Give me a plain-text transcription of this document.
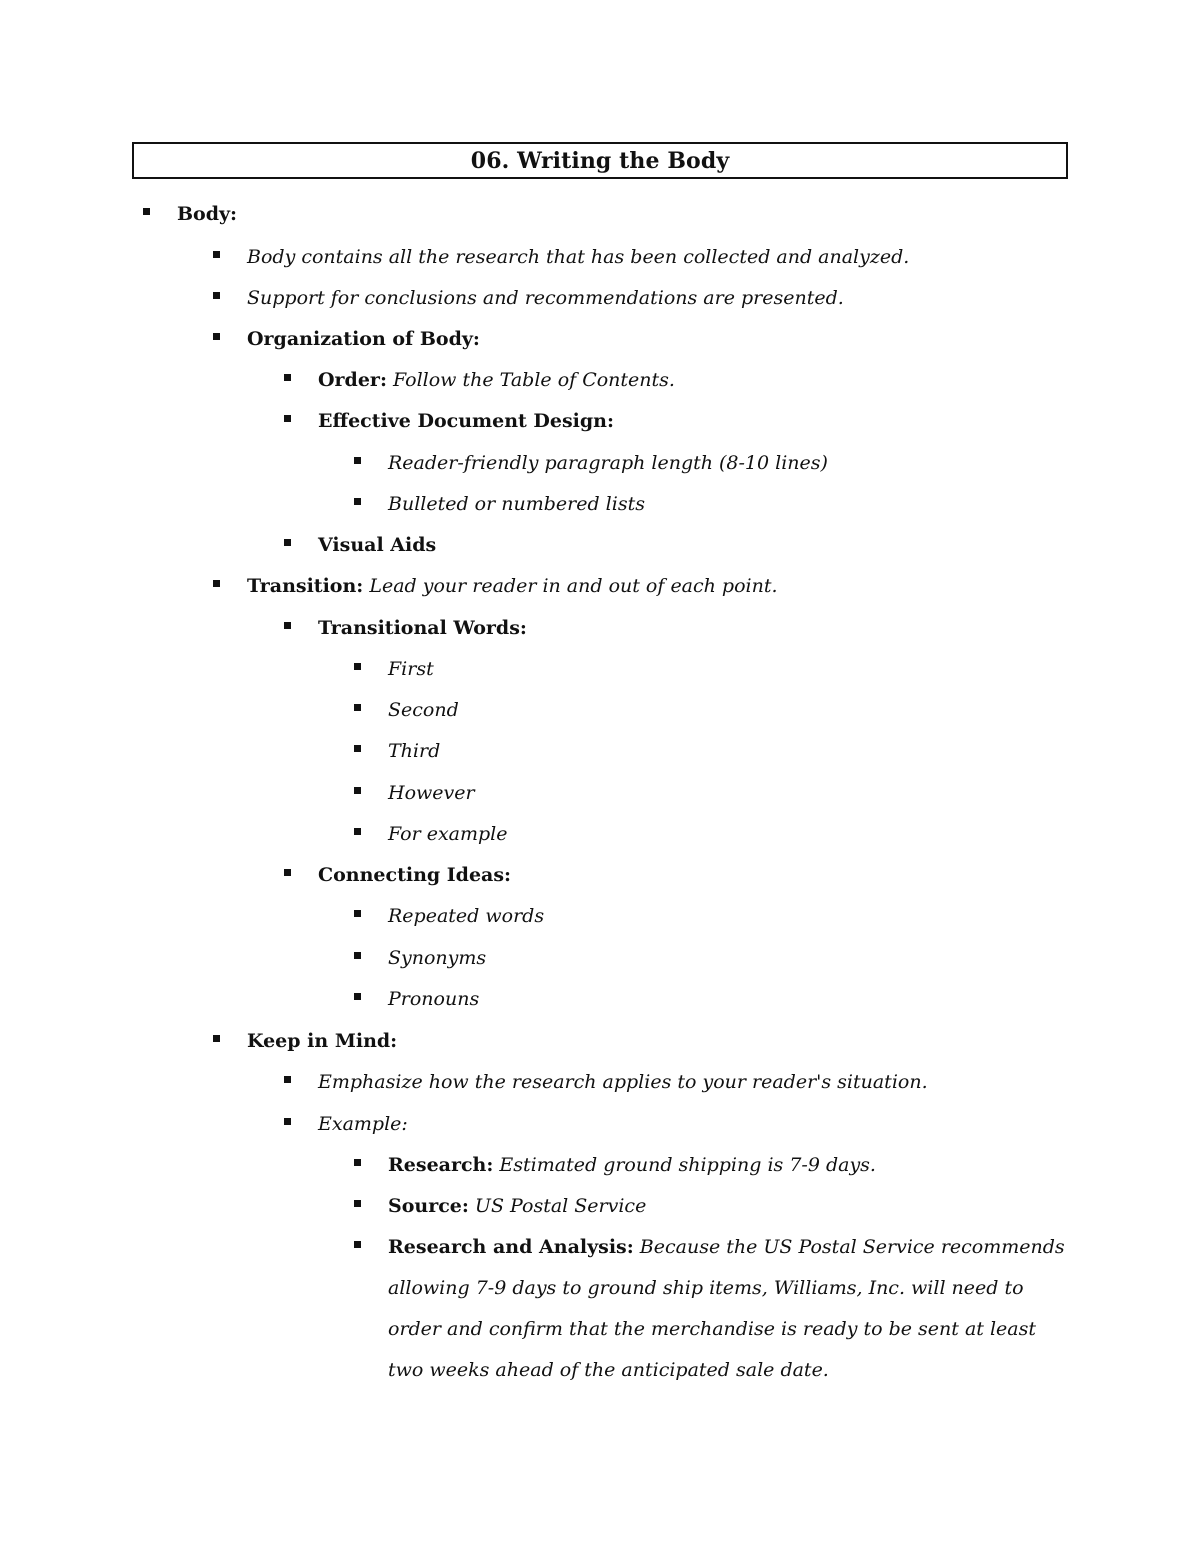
06. Writing the Body
Body:
Body contains all the research that has been collected and analyzed.
Support for conclusions and recommendations are presented.
Organization of Body:
Order: Follow the Table of Contents.
Effective Document Design:
Reader-friendly paragraph length (8-10 lines)
Bulleted or numbered lists
Visual Aids
Transition: Lead your reader in and out of each point.
Transitional Words:
First
Second
Third
However
For example
Connecting Ideas:
Repeated words
Synonyms
Pronouns
Keep in Mind:
Emphasize how the research applies to your reader's situation.
Example:
Research: Estimated ground shipping is 7-9 days.
Source: US Postal Service
Research and Analysis: Because the US Postal Service recommends
allowing 7-9 days to ground ship items, Williams, Inc. will need to
order and confirm that the merchandise is ready to be sent at least
two weeks ahead of the anticipated sale date.
